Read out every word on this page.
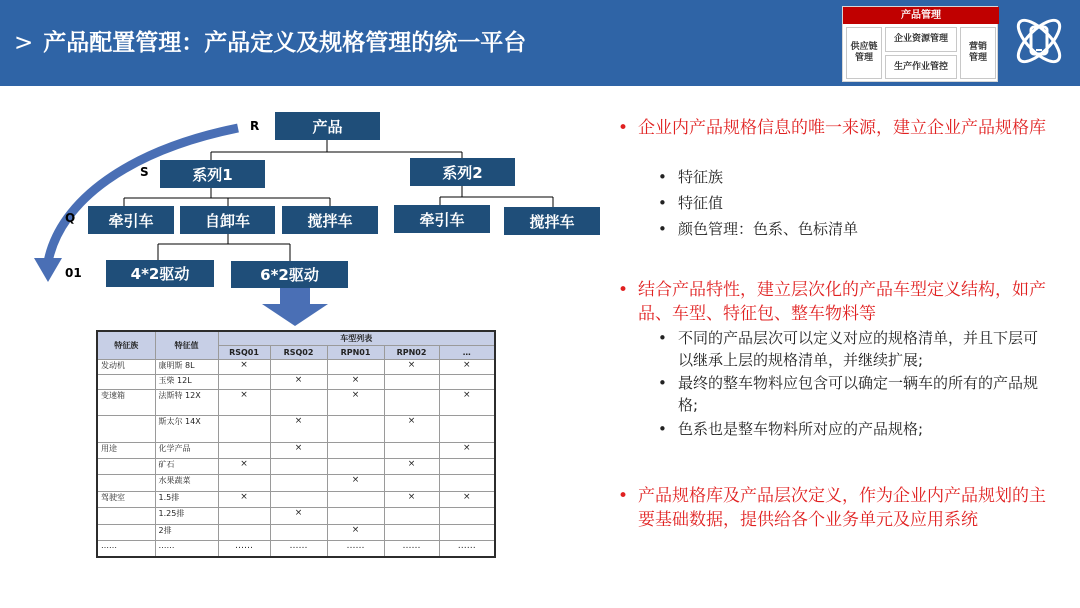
> 产品配置管理：产品定义及规格管理的统一平台
产品管理
供应链
管理
企业资源管理
生产作业管控
营销
管理
R
S
Q
01
产品
系列1	系列2
牵引车	自卸车	搅拌车	牵引车	搅拌车
4*2驱动	6*2驱动
特征族	特征值	车型列表				
		RSQ01	RSQ02	RPN01	RPN02	…
发动机	康明斯 8L	×			×	×
	玉柴 12L		×	×		
变速箱	法斯特 12X	×		×		×
	斯太尔 14X		×		×	
用途	化学产品		×			×
	矿石	×			×	
	水果蔬菜			×		
驾驶室	1.5排	×			×	×
	1.25排		×			
	2排			×		
……	……	……	……	……	……	……
• 企业内产品规格信息的唯一来源，建立企业产品规格库
• 特征族
• 特征值
• 颜色管理：色系、色标清单
• 结合产品特性，建立层次化的产品车型定义结构，如产品、车型、特征包、整车物料等
• 不同的产品层次可以定义对应的规格清单，并且下层可以继承上层的规格清单，并继续扩展;
• 最终的整车物料应包含可以确定一辆车的所有的产品规格;
• 色系也是整车物料所对应的产品规格;
• 产品规格库及产品层次定义，作为企业内产品规划的主要基础数据，提供给各个业务单元及应用系统
